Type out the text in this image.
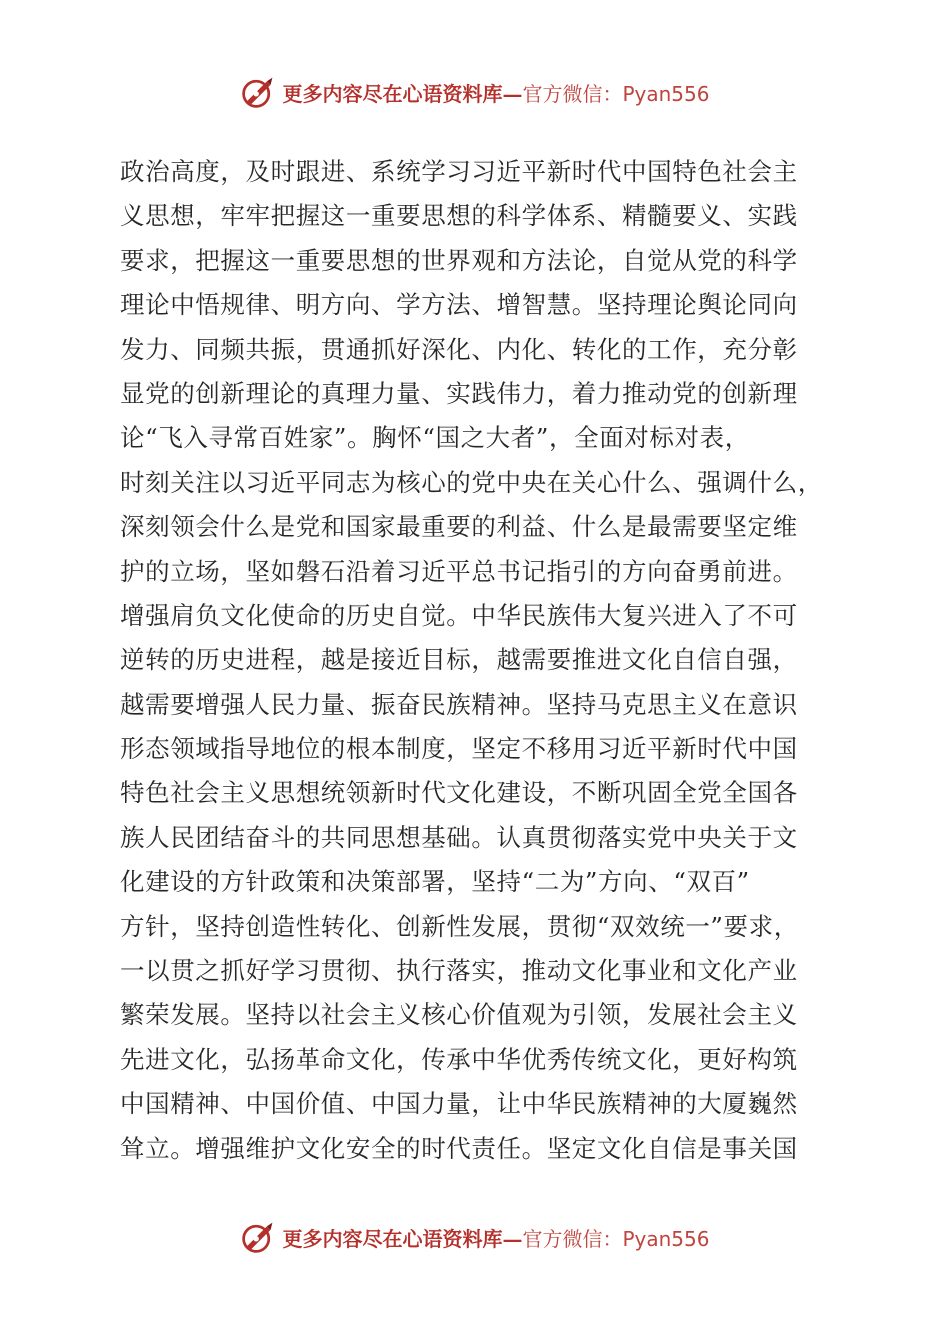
更多内容尽在心语资料库—官方微信：Pyan556
政治高度，及时跟进、系统学习习近平新时代中国特色社会主
义思想，牢牢把握这一重要思想的科学体系、精髓要义、实践
要求，把握这一重要思想的世界观和方法论，自觉从党的科学
理论中悟规律、明方向、学方法、增智慧。坚持理论舆论同向
发力、同频共振，贯通抓好深化、内化、转化的工作，充分彰
显党的创新理论的真理力量、实践伟力，着力推动党的创新理
论“飞入寻常百姓家”。胸怀“国之大者”，全面对标对表，
时刻关注以习近平同志为核心的党中央在关心什么、强调什么，
深刻领会什么是党和国家最重要的利益、什么是最需要坚定维
护的立场，坚如磐石沿着习近平总书记指引的方向奋勇前进。
增强肩负文化使命的历史自觉。中华民族伟大复兴进入了不可
逆转的历史进程，越是接近目标，越需要推进文化自信自强，
越需要增强人民力量、振奋民族精神。坚持马克思主义在意识
形态领域指导地位的根本制度，坚定不移用习近平新时代中国
特色社会主义思想统领新时代文化建设，不断巩固全党全国各
族人民团结奋斗的共同思想基础。认真贯彻落实党中央关于文
化建设的方针政策和决策部署，坚持“二为”方向、“双百”
方针，坚持创造性转化、创新性发展，贯彻“双效统一”要求，
一以贯之抓好学习贯彻、执行落实，推动文化事业和文化产业
繁荣发展。坚持以社会主义核心价值观为引领，发展社会主义
先进文化，弘扬革命文化，传承中华优秀传统文化，更好构筑
中国精神、中国价值、中国力量，让中华民族精神的大厦巍然
耸立。增强维护文化安全的时代责任。坚定文化自信是事关国
更多内容尽在心语资料库—官方微信：Pyan556
